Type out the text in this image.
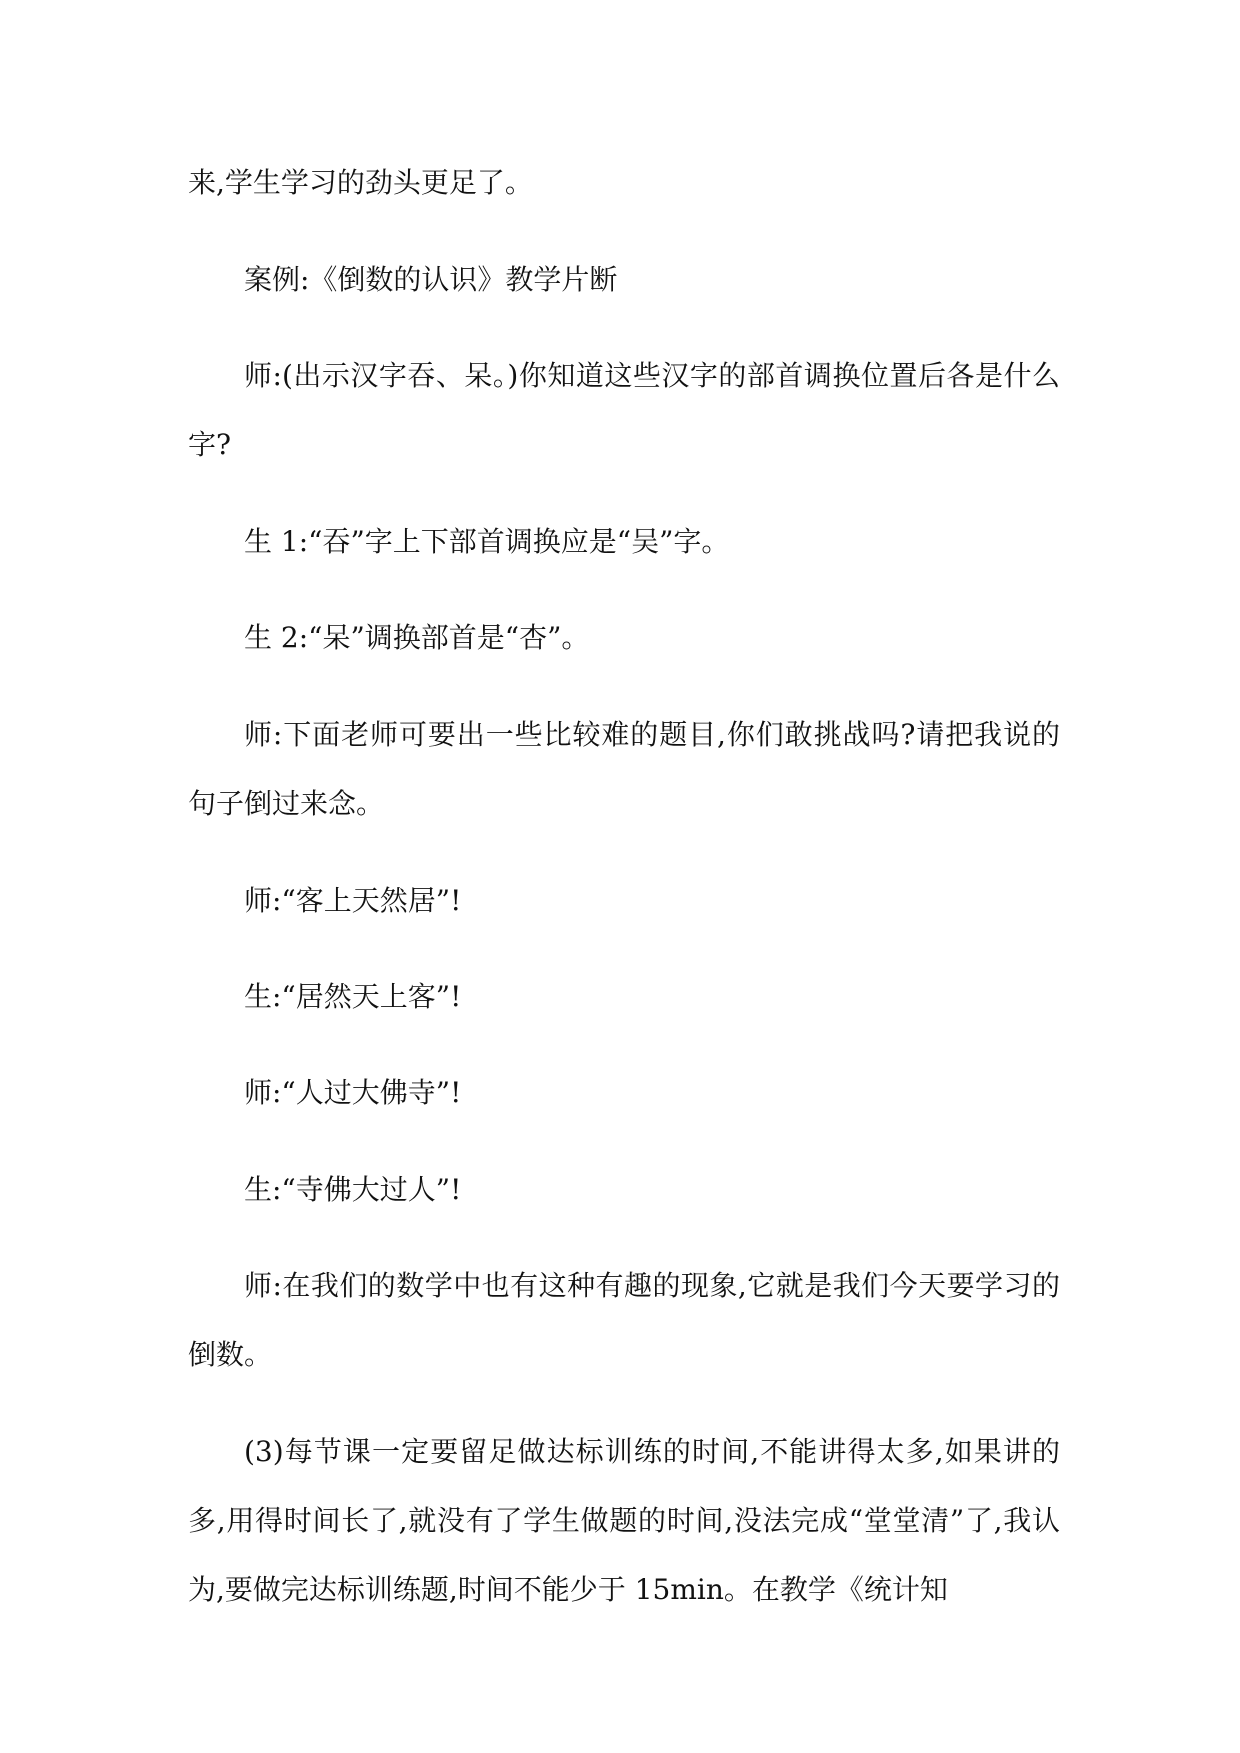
来,学生学习的劲头更足了。

案例:《倒数的认识》教学片断

师:(出示汉字吞、呆。)你知道这些汉字的部首调换位置后各是什么字?

生 1:“吞”字上下部首调换应是“吴”字。

生 2:“呆”调换部首是“杏”。

师:下面老师可要出一些比较难的题目,你们敢挑战吗?请把我说的句子倒过来念。

师:“客上天然居”!

生:“居然天上客”!

师:“人过大佛寺”!

生:“寺佛大过人”!

师:在我们的数学中也有这种有趣的现象,它就是我们今天要学习的倒数。

(3)每节课一定要留足做达标训练的时间,不能讲得太多,如果讲的多,用得时间长了,就没有了学生做题的时间,没法完成“堂堂清”了,我认为,要做完达标训练题,时间不能少于 15min。在教学《统计知
